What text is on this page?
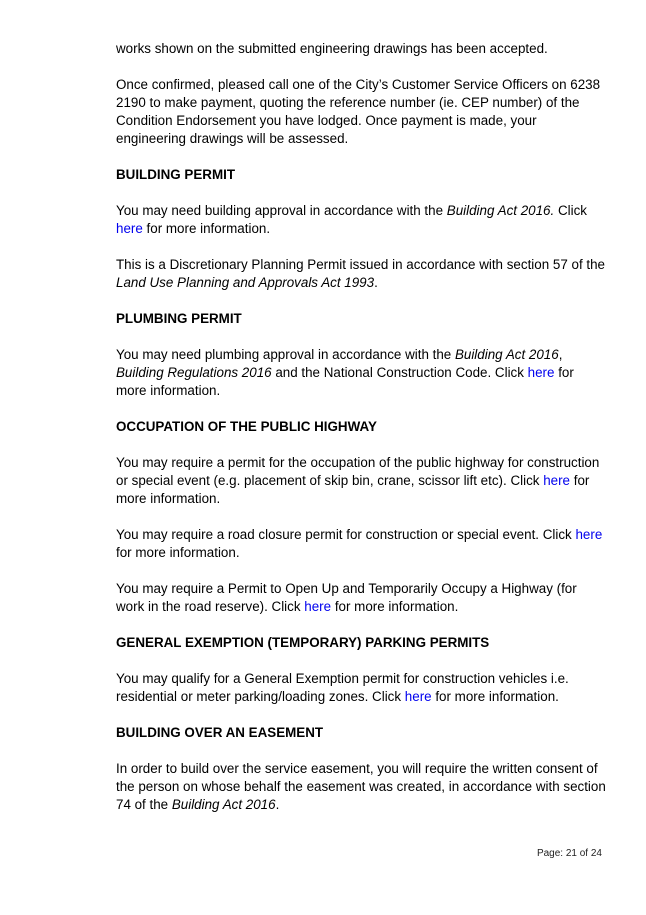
works shown on the submitted engineering drawings has been accepted.

Once confirmed, pleased call one of the City’s Customer Service Officers on 6238 2190 to make payment, quoting the reference number (ie. CEP number) of the Condition Endorsement you have lodged. Once payment is made, your engineering drawings will be assessed.

BUILDING PERMIT

You may need building approval in accordance with the Building Act 2016. Click here for more information.

This is a Discretionary Planning Permit issued in accordance with section 57 of the Land Use Planning and Approvals Act 1993.

PLUMBING PERMIT

You may need plumbing approval in accordance with the Building Act 2016, Building Regulations 2016 and the National Construction Code. Click here for more information.

OCCUPATION OF THE PUBLIC HIGHWAY

You may require a permit for the occupation of the public highway for construction or special event (e.g. placement of skip bin, crane, scissor lift etc). Click here for more information.

You may require a road closure permit for construction or special event. Click here for more information.

You may require a Permit to Open Up and Temporarily Occupy a Highway (for work in the road reserve). Click here for more information.

GENERAL EXEMPTION (TEMPORARY) PARKING PERMITS

You may qualify for a General Exemption permit for construction vehicles i.e. residential or meter parking/loading zones. Click here for more information.

BUILDING OVER AN EASEMENT

In order to build over the service easement, you will require the written consent of the person on whose behalf the easement was created, in accordance with section 74 of the Building Act 2016.

Page: 21 of 24
